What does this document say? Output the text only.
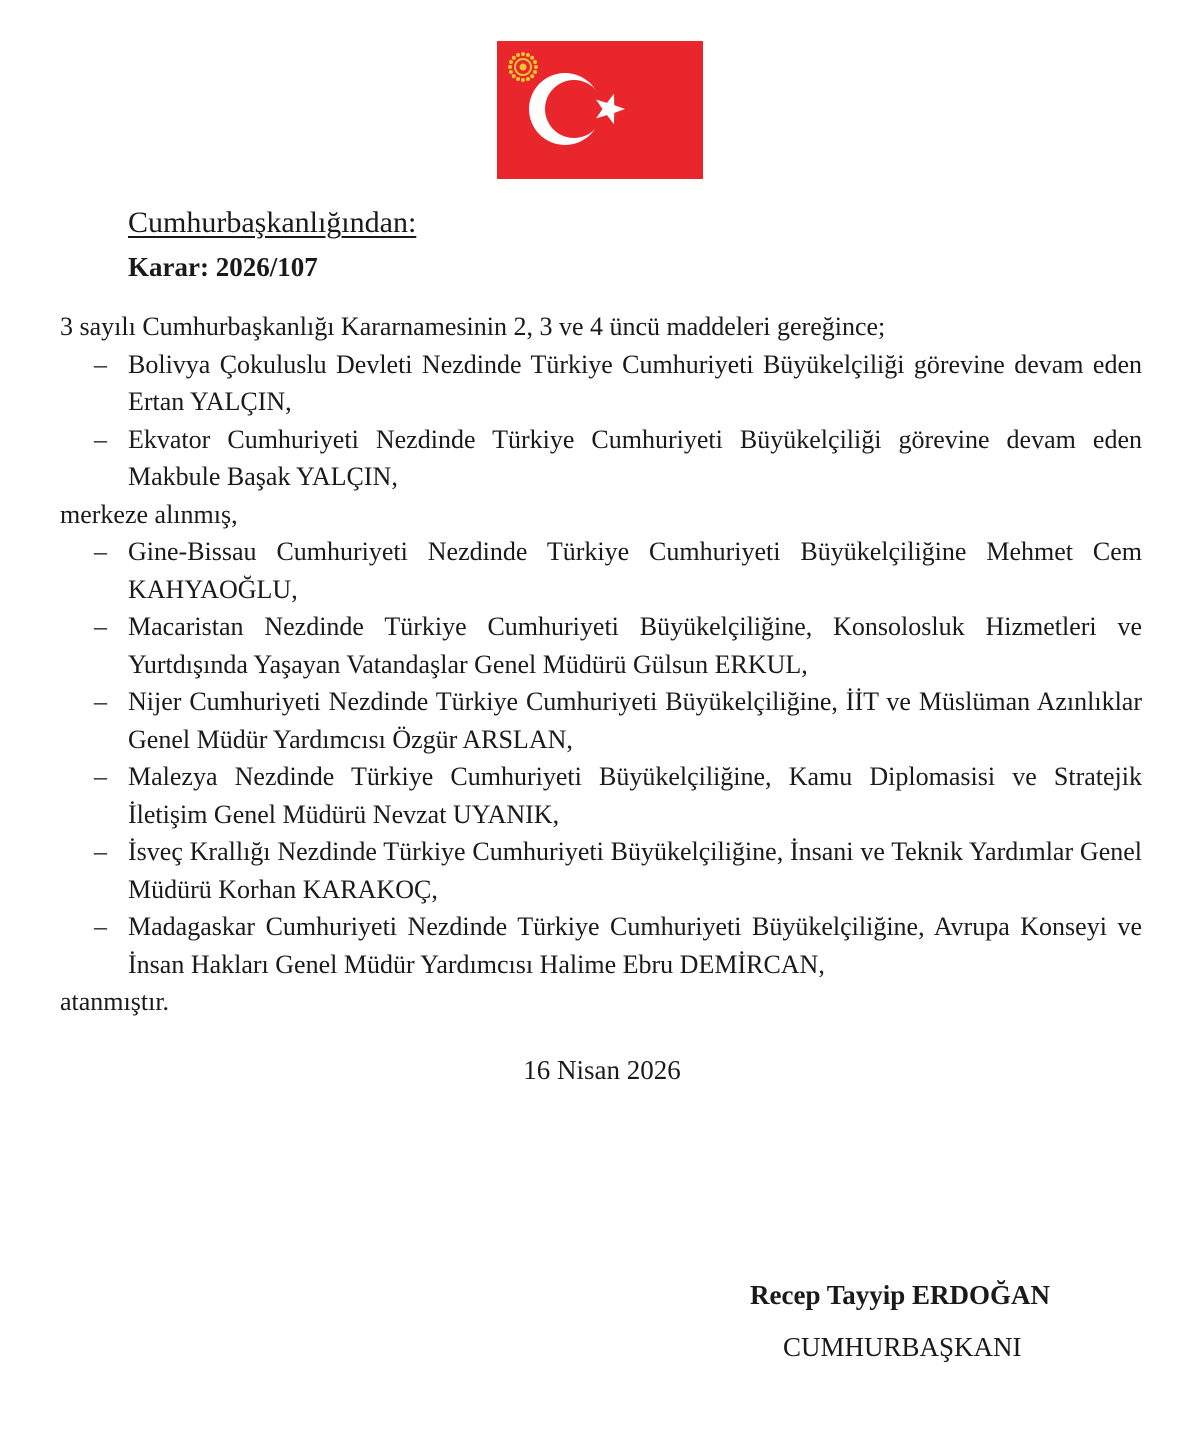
Cumhurbaşkanlığından:
Karar: 2026/107

3 sayılı Cumhurbaşkanlığı Kararnamesinin 2, 3 ve 4 üncü maddeleri gereğince;

– Bolivya Çokuluslu Devleti Nezdinde Türkiye Cumhuriyeti Büyükelçiliği görevine devam eden Ertan YALÇIN,
– Ekvator Cumhuriyeti Nezdinde Türkiye Cumhuriyeti Büyükelçiliği görevine devam eden Makbule Başak YALÇIN,

merkeze alınmış,

– Gine-Bissau Cumhuriyeti Nezdinde Türkiye Cumhuriyeti Büyükelçiliğine Mehmet Cem KAHYAOĞLU,
– Macaristan Nezdinde Türkiye Cumhuriyeti Büyükelçiliğine, Konsolosluk Hizmetleri ve Yurtdışında Yaşayan Vatandaşlar Genel Müdürü Gülsun ERKUL,
– Nijer Cumhuriyeti Nezdinde Türkiye Cumhuriyeti Büyükelçiliğine, İİT ve Müslüman Azınlıklar Genel Müdür Yardımcısı Özgür ARSLAN,
– Malezya Nezdinde Türkiye Cumhuriyeti Büyükelçiliğine, Kamu Diplomasisi ve Stratejik İletişim Genel Müdürü Nevzat UYANIK,
– İsveç Krallığı Nezdinde Türkiye Cumhuriyeti Büyükelçiliğine, İnsani ve Teknik Yardımlar Genel Müdürü Korhan KARAKOÇ,
– Madagaskar Cumhuriyeti Nezdinde Türkiye Cumhuriyeti Büyükelçiliğine, Avrupa Konseyi ve İnsan Hakları Genel Müdür Yardımcısı Halime Ebru DEMİRCAN,

atanmıştır.

16 Nisan 2026
Recep Tayyip ERDOĞAN
CUMHURBAŞKANI
